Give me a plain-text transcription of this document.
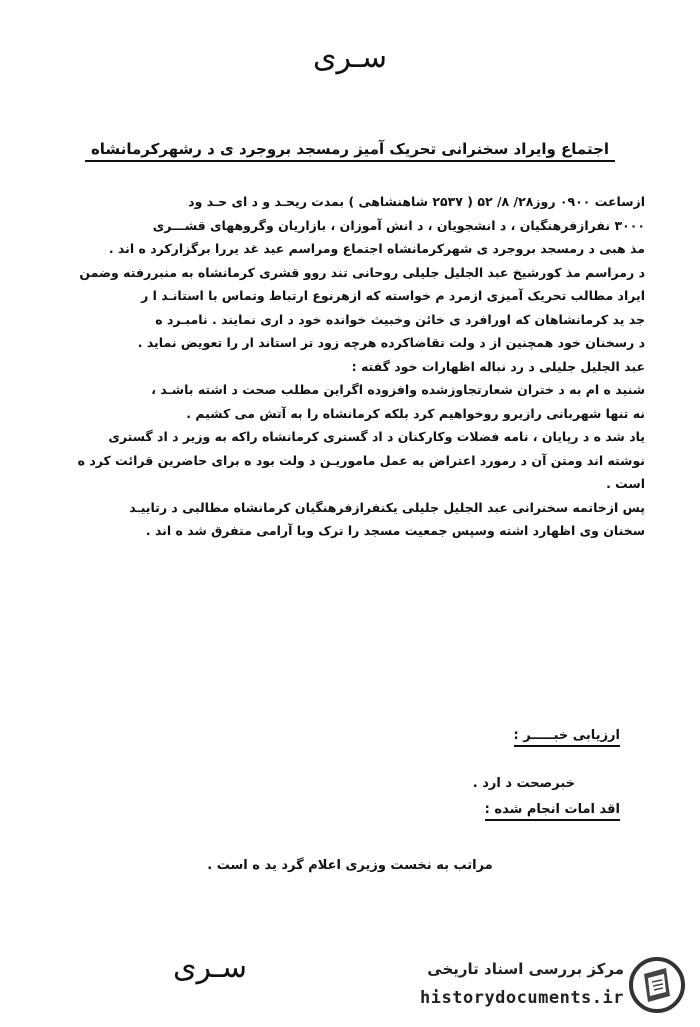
سـرى
اجتماع وايراد سخنرانی تحريک آميز رمسجد بروجرد ی د رشهرکرمانشاه
ازساعت ۰۹۰۰ روز۲۸/ ۸/ ۵۲ ( ۲۵۳۷ شاهنشاهى ) بمدت ريحـد و د ای حـد ود
۳۰۰۰ نفرازفرهنگيان ، د انشجويان ، د انش آموزان ، بازاريان وگروههای قشـــری
مذ هبی د رمسجد بروجرد ی شهرکرمانشاه اجتماع ومراسم عيد غد يررا برگزارکرد ه اند .
د رمراسم مذ کورشيخ عبد الجليل جليلی روحانی تند روو قشری کرمانشاه به منبررفته وضمن
ايراد مطالب تحريک آميزی ازمرد م خواسته که ازهرنوع ارتباط وتماس با استانـد ا ر
جد يد کرمانشاهان که اورافرد ی خائن وخبيث خوانده خود د اری نمايند . نامبـرد ه
د رسخنان خود همچنين از د ولت تقاضاکرده هرچه زود تر استاند ار را تعويض نمايد .
عبد الجليل جليلی د رد نباله اظهارات خود گفته :
شنيد ه ام به د ختران شعارتجاوزشده وافزوده اگراين مطلب صحت د اشته باشـد ،
نه تنها شهربانی رازيرو روخواهيم کرد بلکه کرمانشاه را به آتش می کشيم .
ياد شد ه د رپايان ، نامه فضلات وکارکنان د اد گستری کرمانشاه راکه به وزير د اد گستری
نوشته اند ومتن آن د رمورد اعتراض به عمل ماموريـن د ولت بود ه برای حاضرين قرائت کرد ه
است .
پس ازخاتمه سخنرانی عبد الجليل جليلی يکنفرازفرهنگيان کرمانشاه مطالبی د رتاييـد
سخنان وی اظهارد اشته وسپس جمعيت مسجد را ترک وبا آرامی متفرق شد ه اند .
ارزيابی خبـــــر :
خبرصحت د ارد .
اقد امات انجام شده :
مراتب به نخست وزيری اعلام گرد يد ه است .
سـرى	مرکز بررسی اسناد تاريخی
historydocuments.ir
